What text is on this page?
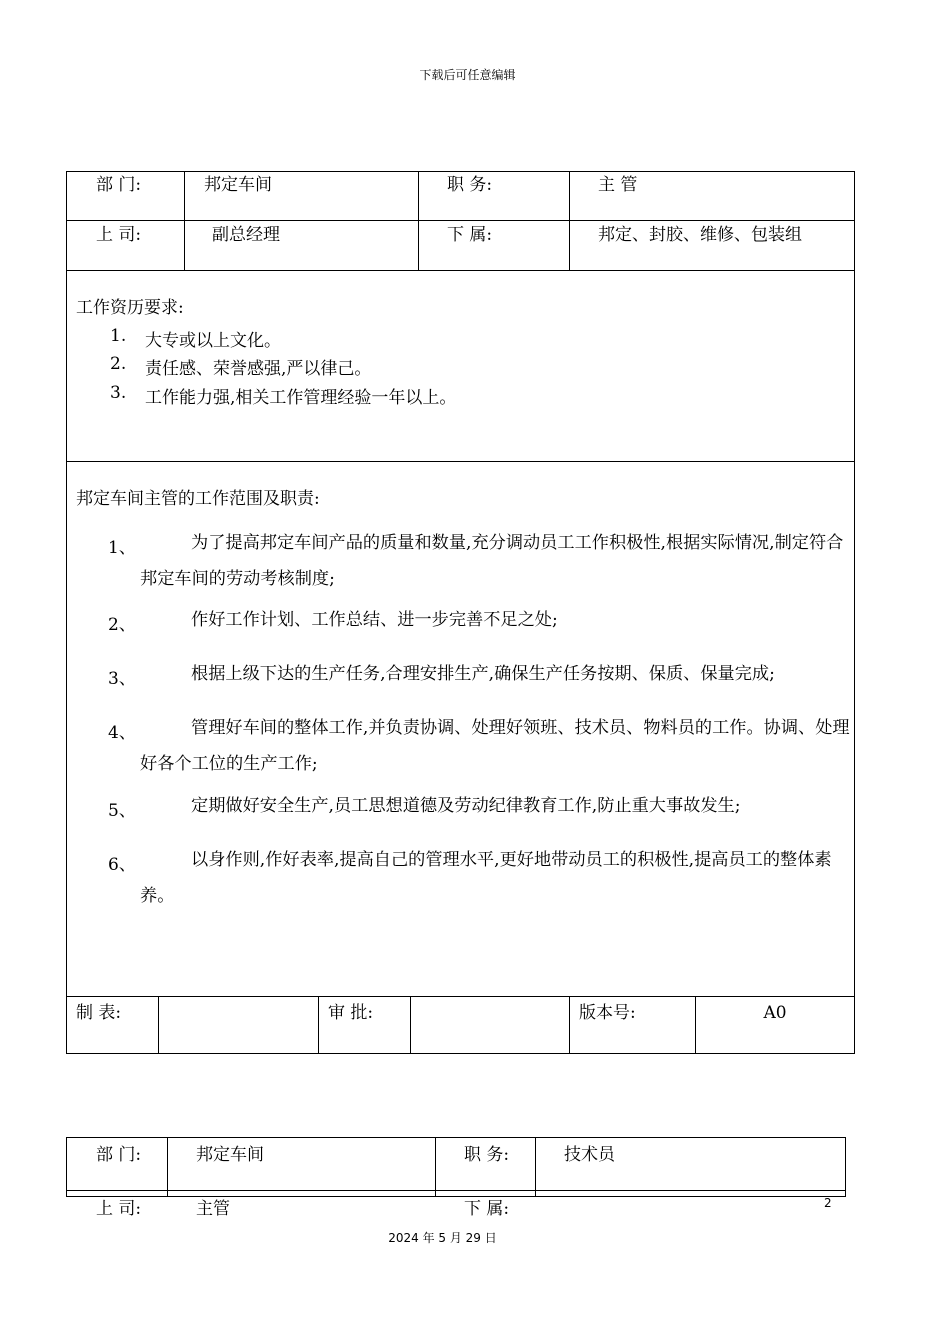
下载后可任意编辑
部 门:	邦定车间	职 务:	主 管
上 司:	副总经理	下 属:	邦定、封胶、维修、包装组
工作资历要求:
1. 大专或以上文化。
2. 责任感、荣誉感强,严以律己。
3. 工作能力强,相关工作管理经验一年以上。
邦定车间主管的工作范围及职责:
1、	为了提高邦定车间产品的质量和数量,充分调动员工工作积极性,根据实际情况,制定符合邦定车间的劳动考核制度;
2、	作好工作计划、工作总结、进一步完善不足之处;
3、	根据上级下达的生产任务,合理安排生产,确保生产任务按期、保质、保量完成;
4、	管理好车间的整体工作,并负责协调、处理好领班、技术员、物料员的工作。协调、处理好各个工位的生产工作;
5、	定期做好安全生产,员工思想道德及劳动纪律教育工作,防止重大事故发生;
6、	以身作则,作好表率,提高自己的管理水平,更好地带动员工的积极性,提高员工的整体素养。
制 表:	审 批:	版本号:	A0
部 门:	邦定车间	职 务:	技术员
上 司:	主管	下 属:	2
2024 年 5 月 29 日
